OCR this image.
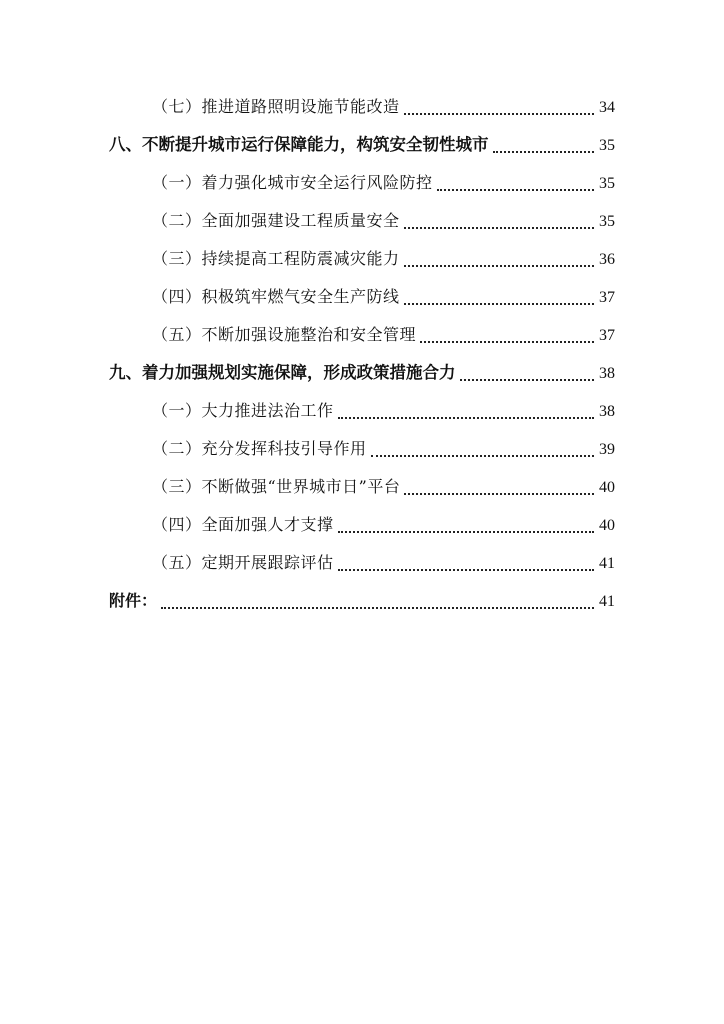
（七）推进道路照明设施节能改造	34
八、不断提升城市运行保障能力，构筑安全韧性城市	35
（一）着力强化城市安全运行风险防控	35
（二）全面加强建设工程质量安全	35
（三）持续提高工程防震减灾能力	36
（四）积极筑牢燃气安全生产防线	37
（五）不断加强设施整治和安全管理	37
九、着力加强规划实施保障，形成政策措施合力	38
（一）大力推进法治工作	38
（二）充分发挥科技引导作用	39
（三）不断做强“世界城市日”平台	40
（四）全面加强人才支撑	40
（五）定期开展跟踪评估	41
附件：	41
